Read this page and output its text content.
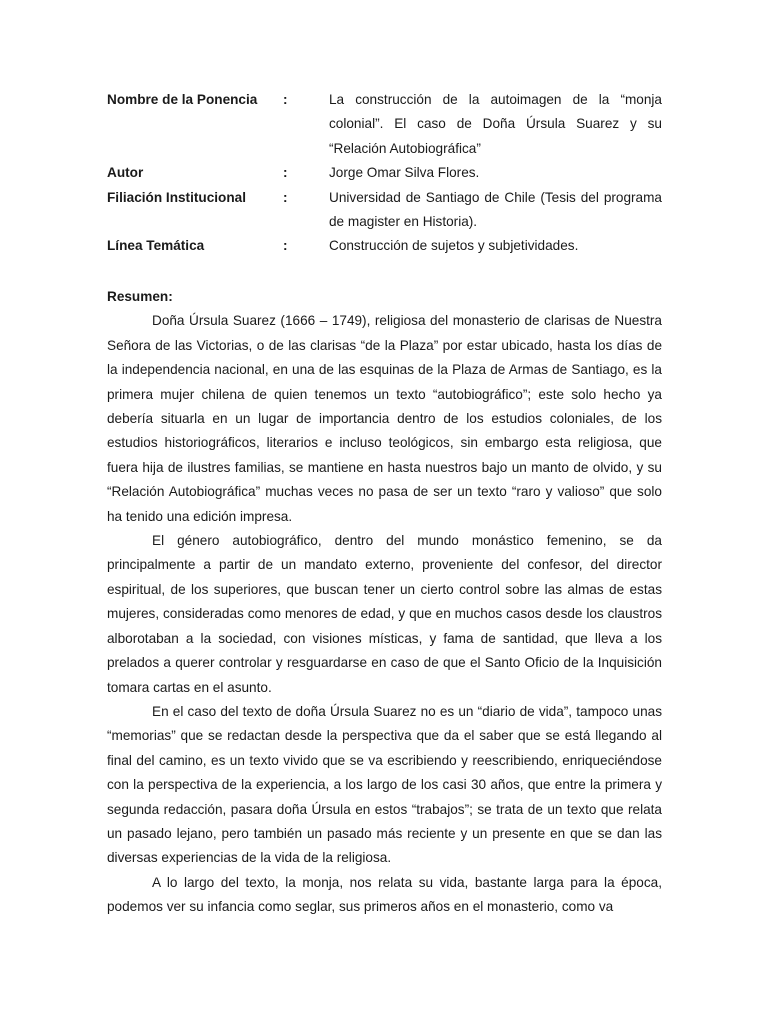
Nombre de la Ponencia	:	La construcción de la autoimagen de la “monja colonial”. El caso de Doña Úrsula Suarez y su “Relación Autobiográfica”
Autor	:	Jorge Omar Silva Flores.
Filiación Institucional	:	Universidad de Santiago de Chile (Tesis del programa de magister en Historia).
Línea Temática	:	Construcción de sujetos y subjetividades.
Resumen:

Doña Úrsula Suarez (1666 – 1749), religiosa del monasterio de clarisas de Nuestra Señora de las Victorias, o de las clarisas “de la Plaza” por estar ubicado, hasta los días de la independencia nacional, en una de las esquinas de la Plaza de Armas de Santiago, es la primera mujer chilena de quien tenemos un texto “autobiográfico”; este solo hecho ya debería situarla en un lugar de importancia dentro de los estudios coloniales, de los estudios historiográficos, literarios e incluso teológicos, sin embargo esta religiosa, que fuera hija de ilustres familias, se mantiene en hasta nuestros bajo un manto de olvido, y su “Relación Autobiográfica” muchas veces no pasa de ser un texto “raro y valioso” que solo ha tenido una edición impresa.

El género autobiográfico, dentro del mundo monástico femenino, se da principalmente a partir de un mandato externo, proveniente del confesor, del director espiritual, de los superiores, que buscan tener un cierto control sobre las almas de estas mujeres, consideradas como menores de edad, y que en muchos casos desde los claustros alborotaban a la sociedad, con visiones místicas, y fama de santidad, que lleva a los prelados a querer controlar y resguardarse en caso de que el Santo Oficio de la Inquisición tomara cartas en el asunto.

En el caso del texto de doña Úrsula Suarez no es un “diario de vida”, tampoco unas “memorias” que se redactan desde la perspectiva que da el saber que se está llegando al final del camino, es un texto vivido que se va escribiendo y reescribiendo, enriqueciéndose con la perspectiva de la experiencia, a los largo de los casi 30 años, que entre la primera y segunda redacción, pasara doña Úrsula en estos “trabajos”; se trata de un texto que relata un pasado lejano, pero también un pasado más reciente y un presente en que se dan las diversas experiencias de la vida de la religiosa.

A lo largo del texto, la monja, nos relata su vida, bastante larga para la época, podemos ver su infancia como seglar, sus primeros años en el monasterio, como va
